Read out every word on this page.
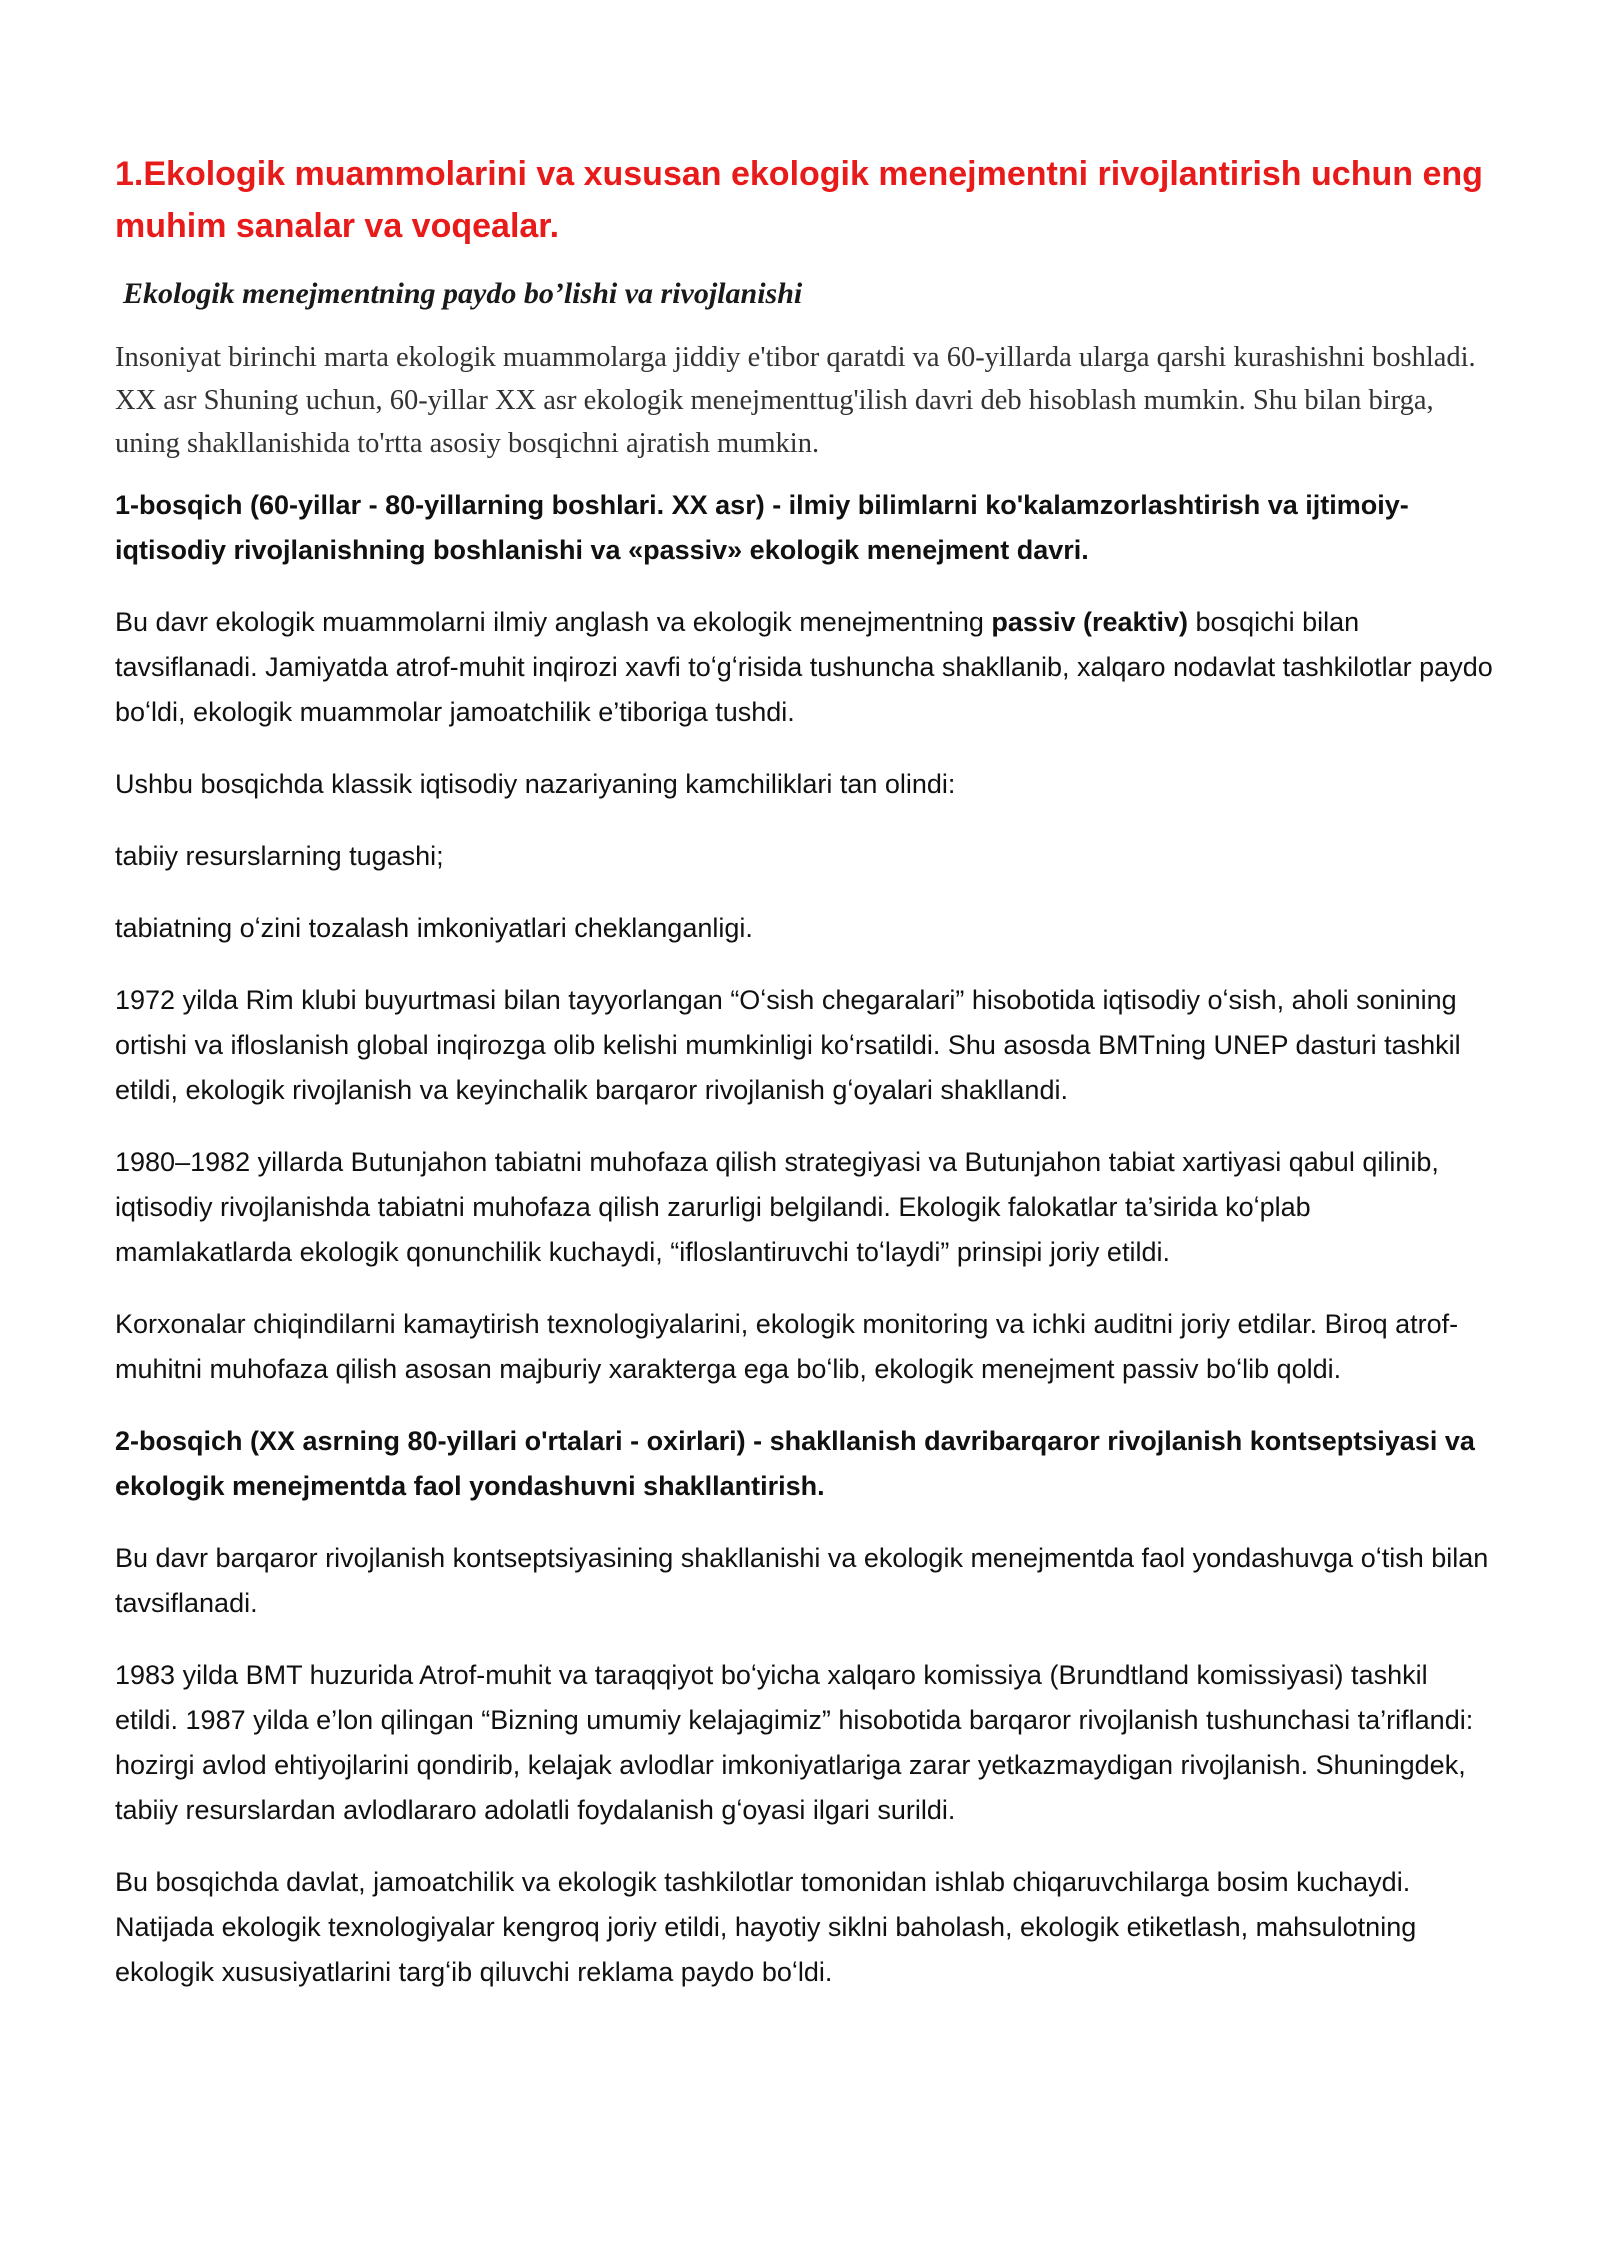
1.Ekologik muammolarini va xususan ekologik menejmentni rivojlantirish uchun eng muhim sanalar va voqealar.
Ekologik menejmentning paydo bo’lishi va rivojlanishi

Insoniyat birinchi marta ekologik muammolarga jiddiy e'tibor qaratdi va 60-yillarda ularga qarshi kurashishni boshladi. XX asr Shuning uchun, 60-yillar XX asr ekologik menejmenttug'ilish davri deb hisoblash mumkin. Shu bilan birga, uning shakllanishida to'rtta asosiy bosqichni ajratish mumkin.

1-bosqich (60-yillar - 80-yillarning boshlari. XX asr) - ilmiy bilimlarni ko'kalamzorlashtirish va ijtimoiy-iqtisodiy rivojlanishning boshlanishi va «passiv» ekologik menejment davri.

Bu davr ekologik muammolarni ilmiy anglash va ekologik menejmentning passiv (reaktiv) bosqichi bilan tavsiflanadi. Jamiyatda atrof-muhit inqirozi xavfi toʻgʻrisida tushuncha shakllanib, xalqaro nodavlat tashkilotlar paydo boʻldi, ekologik muammolar jamoatchilik e’tiboriga tushdi.

Ushbu bosqichda klassik iqtisodiy nazariyaning kamchiliklari tan olindi:

tabiiy resurslarning tugashi;

tabiatning oʻzini tozalash imkoniyatlari cheklanganligi.

1972 yilda Rim klubi buyurtmasi bilan tayyorlangan “Oʻsish chegaralari” hisobotida iqtisodiy oʻsish, aholi sonining ortishi va ifloslanish global inqirozga olib kelishi mumkinligi koʻrsatildi. Shu asosda BMTning UNEP dasturi tashkil etildi, ekologik rivojlanish va keyinchalik barqaror rivojlanish gʻoyalari shakllandi.

1980–1982 yillarda Butunjahon tabiatni muhofaza qilish strategiyasi va Butunjahon tabiat xartiyasi qabul qilinib, iqtisodiy rivojlanishda tabiatni muhofaza qilish zarurligi belgilandi. Ekologik falokatlar ta’sirida koʻplab mamlakatlarda ekologik qonunchilik kuchaydi, “ifloslantiruvchi toʻlaydi” prinsipi joriy etildi.

Korxonalar chiqindilarni kamaytirish texnologiyalarini, ekologik monitoring va ichki auditni joriy etdilar. Biroq atrof-muhitni muhofaza qilish asosan majburiy xarakterga ega boʻlib, ekologik menejment passiv boʻlib qoldi.

2-bosqich (XX asrning 80-yillari o'rtalari - oxirlari) - shakllanish davribarqaror rivojlanish kontseptsiyasi va ekologik menejmentda faol yondashuvni shakllantirish.

Bu davr barqaror rivojlanish kontseptsiyasining shakllanishi va ekologik menejmentda faol yondashuvga oʻtish bilan tavsiflanadi.

1983 yilda BMT huzurida Atrof-muhit va taraqqiyot boʻyicha xalqaro komissiya (Brundtland komissiyasi) tashkil etildi. 1987 yilda e’lon qilingan “Bizning umumiy kelajagimiz” hisobotida barqaror rivojlanish tushunchasi ta’riflandi: hozirgi avlod ehtiyojlarini qondirib, kelajak avlodlar imkoniyatlariga zarar yetkazmaydigan rivojlanish. Shuningdek, tabiiy resurslardan avlodlararo adolatli foydalanish gʻoyasi ilgari surildi.

Bu bosqichda davlat, jamoatchilik va ekologik tashkilotlar tomonidan ishlab chiqaruvchilarga bosim kuchaydi. Natijada ekologik texnologiyalar kengroq joriy etildi, hayotiy siklni baholash, ekologik etiketlash, mahsulotning ekologik xususiyatlarini targʻib qiluvchi reklama paydo boʻldi.
